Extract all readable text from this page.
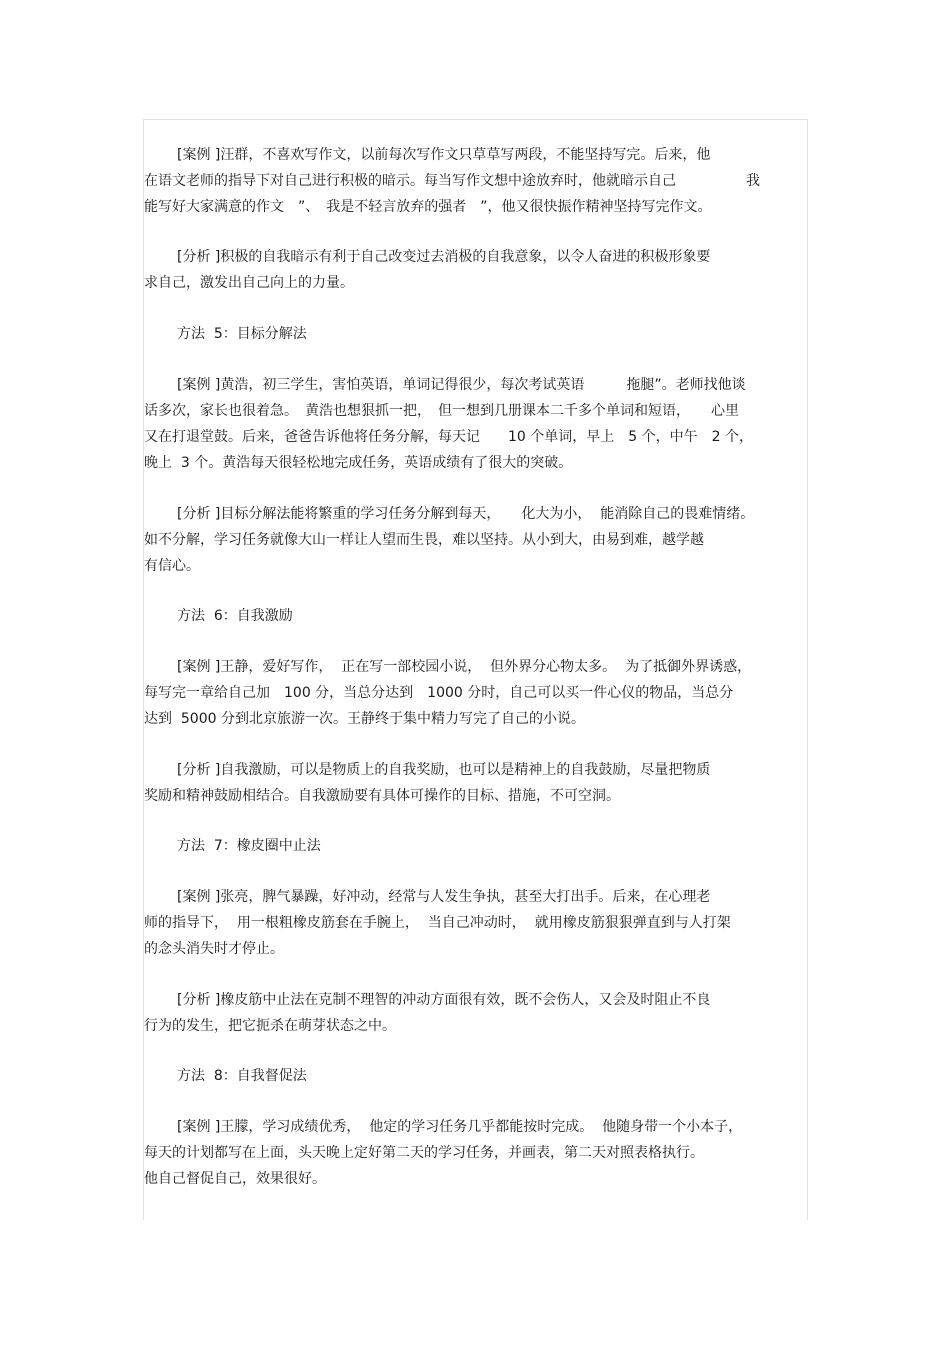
[案例 ]汪群，不喜欢写作文，以前每次写作文只草草写两段，不能坚持写完。后来，他
在语文老师的指导下对自己进行积极的暗示。每当写作文想中途放弃时，他就暗示自己　　　　　我
能写好大家满意的作文　”、　我是不轻言放弃的强者　”，他又很快振作精神坚持写完作文。
[分析 ]积极的自我暗示有利于自己改变过去消极的自我意象，以令人奋进的积极形象要
求自己，激发出自己向上的力量。
方法  5：目标分解法
[案例 ]黄浩，初三学生，害怕英语，单词记得很少，每次考试英语　　　拖腿”。老师找他谈
话多次，家长也很着急。　黄浩也想狠抓一把，　但一想到几册课本二千多个单词和短语，　　心里
又在打退堂鼓。后来，爸爸告诉他将任务分解，每天记　　10 个单词，早上　5 个，中午　2 个，
晚上  3 个。黄浩每天很轻松地完成任务，英语成绩有了很大的突破。
[分析 ]目标分解法能将繁重的学习任务分解到每天，　　化大为小，  能消除自己的畏难情绪。
如不分解，学习任务就像大山一样让人望而生畏，难以坚持。从小到大，由易到难，越学越
有信心。
方法  6：自我激励
[案例 ]王静，爱好写作，  正在写一部校园小说，  但外界分心物太多。  为了抵御外界诱惑，
每写完一章给自己加　100 分，当总分达到　1000 分时，自己可以买一件心仪的物品，当总分
达到  5000 分到北京旅游一次。王静终于集中精力写完了自己的小说。
[分析 ]自我激励，可以是物质上的自我奖励，也可以是精神上的自我鼓励，尽量把物质
奖励和精神鼓励相结合。自我激励要有具体可操作的目标、措施，不可空洞。
方法  7：橡皮圈中止法
[案例 ]张亮，脾气暴躁，好冲动，经常与人发生争执，甚至大打出手。后来，在心理老
师的指导下，  用一根粗橡皮筋套在手腕上，  当自己冲动时，  就用橡皮筋狠狠弹直到与人打架
的念头消失时才停止。
[分析 ]橡皮筋中止法在克制不理智的冲动方面很有效，既不会伤人，又会及时阻止不良
行为的发生，把它扼杀在萌芽状态之中。
方法  8：自我督促法
[案例 ]王朦，学习成绩优秀，  他定的学习任务几乎都能按时完成。  他随身带一个小本子，
每天的计划都写在上面，头天晚上定好第二天的学习任务，并画表，第二天对照表格执行。
他自己督促自己，效果很好。
